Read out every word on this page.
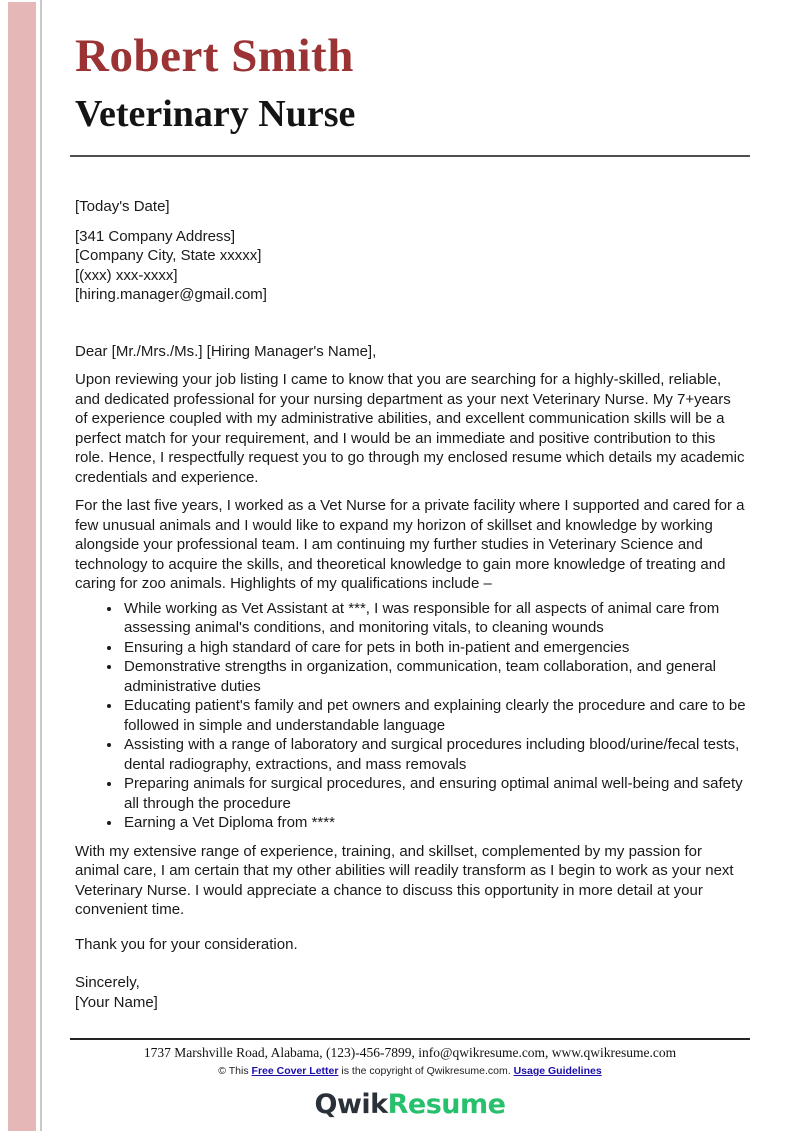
Robert Smith
Veterinary Nurse
[Today's Date]
[341 Company Address]
[Company City, State xxxxx]
[(xxx) xxx-xxxx]
[hiring.manager@gmail.com]
Dear [Mr./Mrs./Ms.] [Hiring Manager's Name],

Upon reviewing your job listing I came to know that you are searching for a highly-skilled, reliable, and dedicated professional for your nursing department as your next Veterinary Nurse. My 7+years of experience coupled with my administrative abilities, and excellent communication skills will be a perfect match for your requirement, and I would be an immediate and positive contribution to this role. Hence, I respectfully request you to go through my enclosed resume which details my academic credentials and experience.

For the last five years, I worked as a Vet Nurse for a private facility where I supported and cared for a few unusual animals and I would like to expand my horizon of skillset and knowledge by working alongside your professional team. I am continuing my further studies in Veterinary Science and technology to acquire the skills, and theoretical knowledge to gain more knowledge of treating and caring for zoo animals. Highlights of my qualifications include –

• While working as Vet Assistant at ***, I was responsible for all aspects of animal care from assessing animal's conditions, and monitoring vitals, to cleaning wounds
• Ensuring a high standard of care for pets in both in-patient and emergencies
• Demonstrative strengths in organization, communication, team collaboration, and general administrative duties
• Educating patient's family and pet owners and explaining clearly the procedure and care to be followed in simple and understandable language
• Assisting with a range of laboratory and surgical procedures including blood/urine/fecal tests, dental radiography, extractions, and mass removals
• Preparing animals for surgical procedures, and ensuring optimal animal well-being and safety all through the procedure
• Earning a Vet Diploma from ****

With my extensive range of experience, training, and skillset, complemented by my passion for animal care, I am certain that my other abilities will readily transform as I begin to work as your next Veterinary Nurse. I would appreciate a chance to discuss this opportunity in more detail at your convenient time.

Thank you for your consideration.

Sincerely,
[Your Name]
1737 Marshville Road, Alabama, (123)-456-7899, info@qwikresume.com, www.qwikresume.com
© This Free Cover Letter is the copyright of Qwikresume.com. Usage Guidelines
QwikResume
